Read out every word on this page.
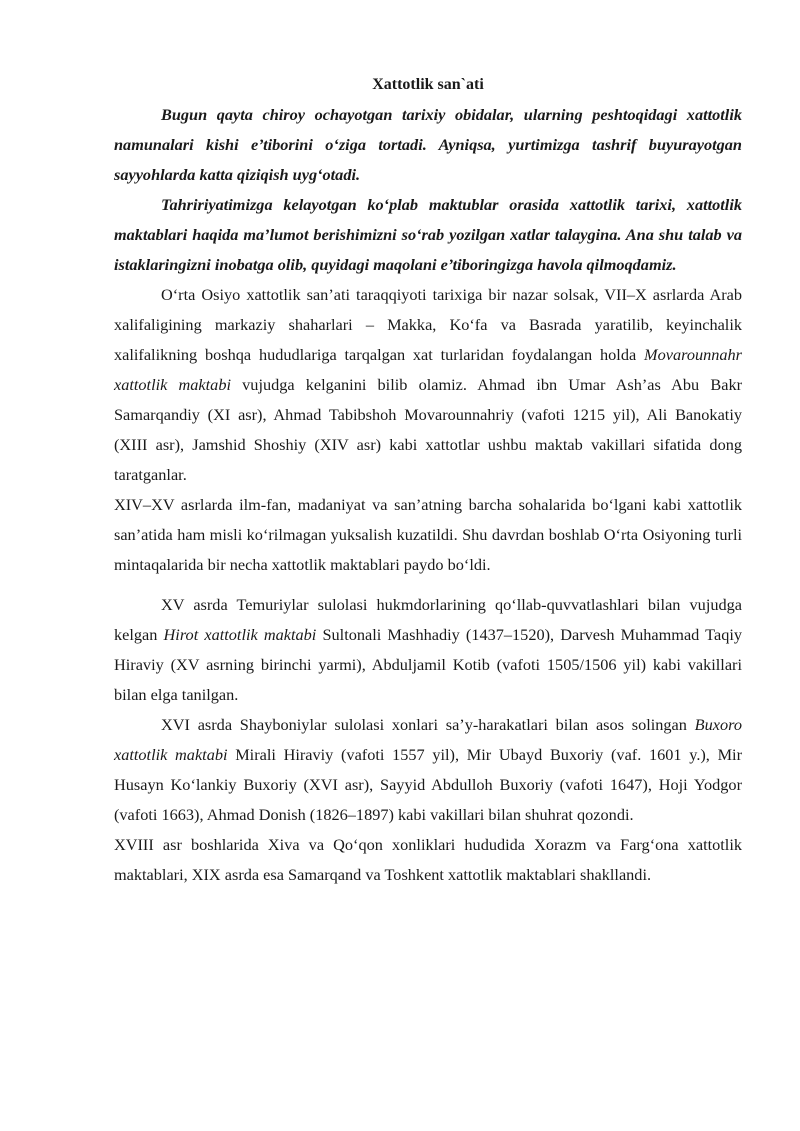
Xattotlik san`ati

Bugun qayta chiroy ochayotgan tarixiy obidalar, ularning peshtoqidagi xattotlik namunalari kishi e’tiborini o‘ziga tortadi. Ayniqsa, yurtimizga tashrif buyurayotgan sayyohlarda katta qiziqish uyg‘otadi.

Tahririyatimizga kelayotgan ko‘plab maktublar orasida xattotlik tarixi, xattotlik maktablari haqida ma’lumot berishimizni so‘rab yozilgan xatlar talaygina. Ana shu talab va istaklaringizni inobatga olib, quyidagi maqolani e’tiboringizga havola qilmoqdamiz.

O‘rta Osiyo xattotlik san’ati taraqqiyoti tarixiga bir nazar solsak, VII–X asrlarda Arab xalifaligining markaziy shaharlari – Makka, Ko‘fa va Basrada yaratilib, keyinchalik xalifalikning boshqa hududlariga tarqalgan xat turlaridan foydalangan holda Movarounnahr xattotlik maktabi vujudga kelganini bilib olamiz. Ahmad ibn Umar Ash’as Abu Bakr Samarqandiy (XI asr), Ahmad Tabibshoh Movarounnahriy (vafoti 1215 yil), Ali Banokatiy (XIII asr), Jamshid Shoshiy (XIV asr) kabi xattotlar ushbu maktab vakillari sifatida dong taratganlar.

XIV–XV asrlarda ilm-fan, madaniyat va san’atning barcha sohalarida bo‘lgani kabi xattotlik san’atida ham misli ko‘rilmagan yuksalish kuzatildi. Shu davrdan boshlab O‘rta Osiyoning turli mintaqalarida bir necha xattotlik maktablari paydo bo‘ldi.

XV asrda Temuriylar sulolasi hukmdorlarining qo‘llab-quvvatlashlari bilan vujudga kelgan Hirot xattotlik maktabi Sultonali Mashhadiy (1437–1520), Darvesh Muhammad Taqiy Hiraviy (XV asrning birinchi yarmi), Abduljamil Kotib (vafoti 1505/1506 yil) kabi vakillari bilan elga tanilgan.

XVI asrda Shayboniylar sulolasi xonlari sa’y-harakatlari bilan asos solingan Buxoro xattotlik maktabi Mirali Hiraviy (vafoti 1557 yil), Mir Ubayd Buxoriy (vaf. 1601 y.), Mir Husayn Ko‘lankiy Buxoriy (XVI asr), Sayyid Abdulloh Buxoriy (vafoti 1647), Hoji Yodgor (vafoti 1663), Ahmad Donish (1826–1897) kabi vakillari bilan shuhrat qozondi.

XVIII asr boshlarida Xiva va Qo‘qon xonliklari hududida Xorazm va Farg‘ona xattotlik maktablari, XIX asrda esa Samarqand va Toshkent xattotlik maktablari shakllandi.
